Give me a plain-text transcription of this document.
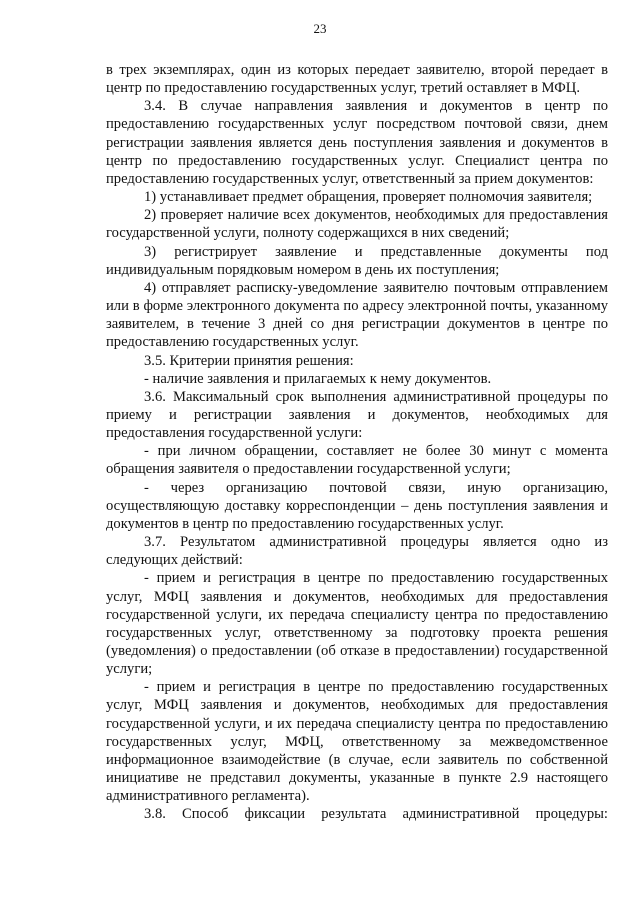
23

в трех экземплярах, один из которых передает заявителю, второй передает в центр по предоставлению государственных услуг, третий оставляет в МФЦ.

3.4. В случае направления заявления и документов в центр по предоставлению государственных услуг посредством почтовой связи, днем регистрации заявления является день поступления заявления и документов в центр по предоставлению государственных услуг. Специалист центра по предоставлению государственных услуг, ответственный за прием документов:

1) устанавливает предмет обращения, проверяет полномочия заявителя;

2) проверяет наличие всех документов, необходимых для предоставления государственной услуги, полноту содержащихся в них сведений;

3) регистрирует заявление и представленные документы под индивидуальным порядковым номером в день их поступления;

4) отправляет расписку-уведомление заявителю почтовым отправлением или в форме электронного документа по адресу электронной почты, указанному заявителем, в течение 3 дней со дня регистрации документов в центре по предоставлению государственных услуг.

3.5. Критерии принятия решения:

- наличие заявления и прилагаемых к нему документов.

3.6. Максимальный срок выполнения административной процедуры по приему и регистрации заявления и документов, необходимых для предоставления государственной услуги:

- при личном обращении, составляет не более 30 минут с момента обращения заявителя о предоставлении государственной услуги;

- через организацию почтовой связи, иную организацию, осуществляющую доставку корреспонденции – день поступления заявления и документов в центр по предоставлению государственных услуг.

3.7. Результатом административной процедуры является одно из следующих действий:

- прием и регистрация в центре по предоставлению государственных услуг, МФЦ заявления и документов, необходимых для предоставления государственной услуги, их передача специалисту центра по предоставлению государственных услуг, ответственному за подготовку проекта решения (уведомления) о предоставлении (об отказе в предоставлении) государственной услуги;

- прием и регистрация в центре по предоставлению государственных услуг, МФЦ заявления и документов, необходимых для предоставления государственной услуги, и их передача специалисту центра по предоставлению государственных услуг, МФЦ, ответственному за межведомственное информационное взаимодействие (в случае, если заявитель по собственной инициативе не представил документы, указанные в пункте 2.9 настоящего административного регламента).

3.8. Способ фиксации результата административной процедуры:
